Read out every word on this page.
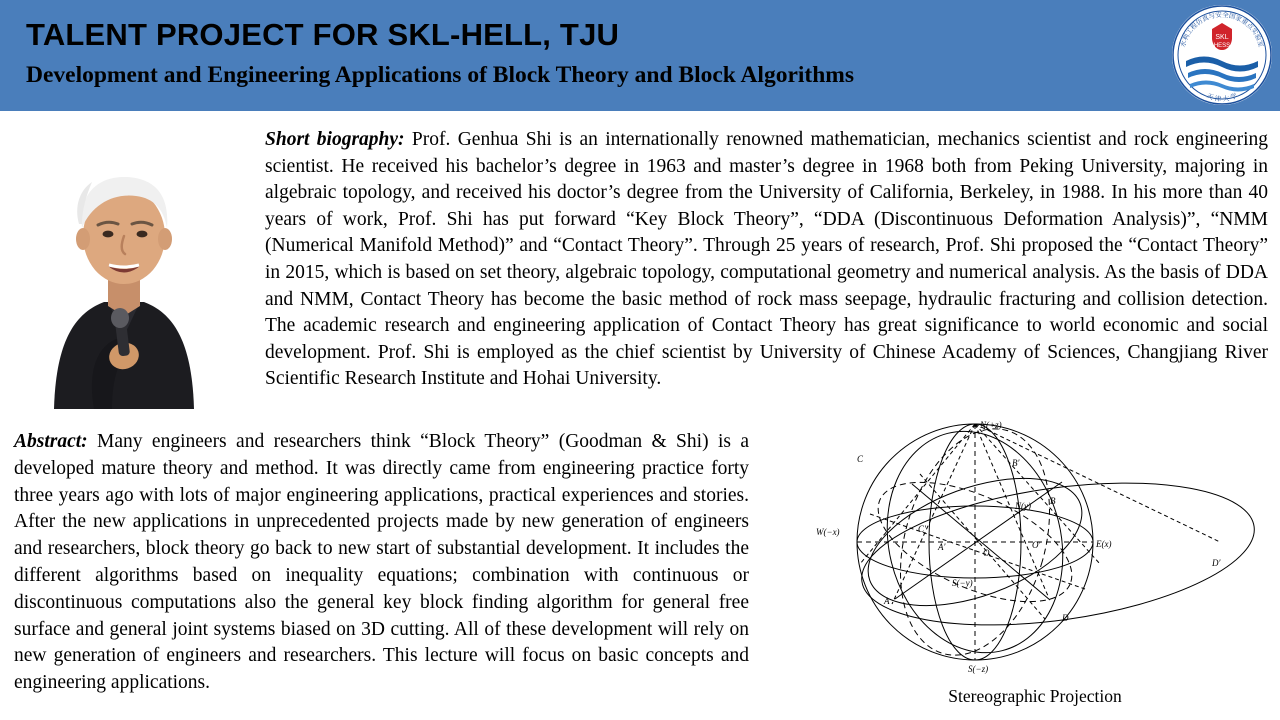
TALENT PROJECT FOR SKL-HELL, TJU
Development and Engineering Applications of Block Theory and Block Algorithms
SKL
HESS
水利工程仿真与安全国家重点实验室
天 津 大 学
Short biography: Prof. Genhua Shi is an internationally renowned mathematician, mechanics scientist and rock engineering scientist. He received his bachelor’s degree in 1963 and master’s degree in 1968 both from Peking University, majoring in algebraic topology, and received his doctor’s degree from the University of California, Berkeley, in 1988. In his more than 40 years of work, Prof. Shi has put forward “Key Block Theory”, “DDA (Discontinuous Deformation Analysis)”, “NMM (Numerical Manifold Method)” and “Contact Theory”. Through 25 years of research, Prof. Shi proposed the “Contact Theory” in 2015, which is based on set theory, algebraic topology, computational geometry and numerical analysis. As the basis of DDA and NMM, Contact Theory has become the basic method of rock mass seepage, hydraulic fracturing and collision detection. The academic research and engineering application of Contact Theory has great significance to world economic and social development. Prof. Shi is employed as the chief scientist by University of Chinese Academy of Sciences, Changjiang River Scientific Research Institute and Hohai University.
Abstract: Many engineers and researchers think “Block Theory” (Goodman & Shi) is a developed mature theory and method. It was directly came from engineering practice forty three years ago with lots of major engineering applications, practical experiences and stories. After the new applications in unprecedented projects made by new generation of engineers and researchers, block theory go back to new start of substantial development. It includes the different algorithms based on inequality equations; combination with continuous or discontinuous computations also the general key block finding algorithm for general free surface and general joint systems biased on 3D cutting. All of these development will rely on new generation of engineers and researchers. This lecture will focus on basic concepts and engineering applications.
N(+z)
S(−z)
E(x)
W(−x)
N(y)
S(−y)
A
B
C
D
O
A′
B′
C′
D′
O′
Stereographic Projection
